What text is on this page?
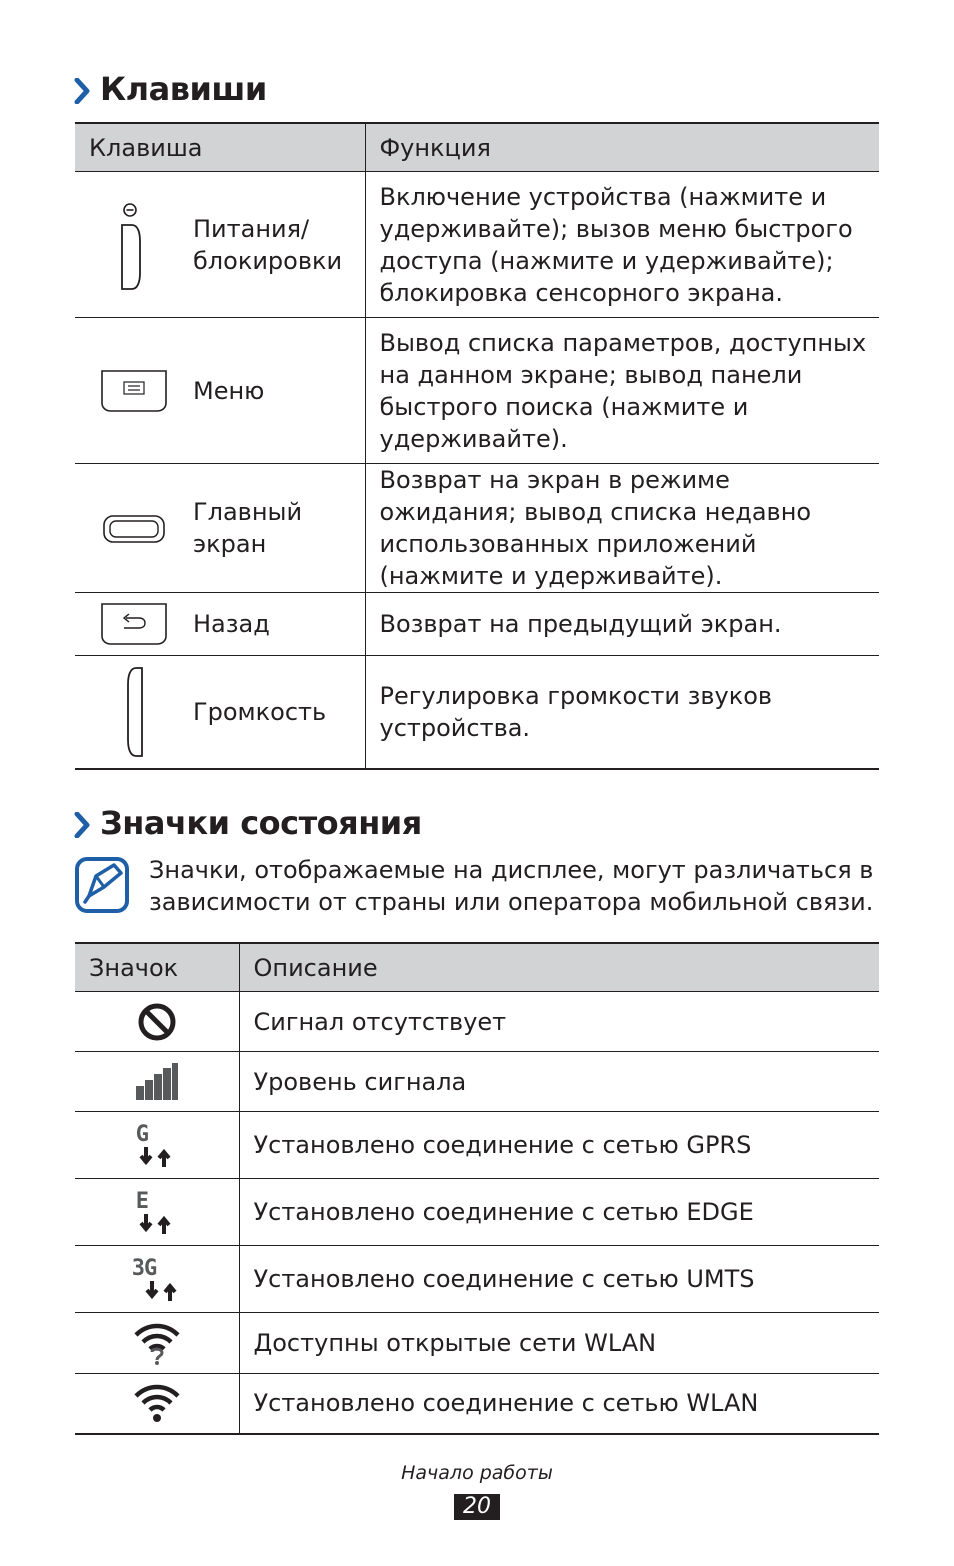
Клавиши
Клавиша		Функция
	Питания/ блокировки	Включение устройства (нажмите и удерживайте); вызов меню быстрого доступа (нажмите и удерживайте); блокировка сенсорного экрана.
	Меню	Вывод списка параметров, доступных на данном экране; вывод панели быстрого поиска (нажмите и удерживайте).
	Главный экран	Возврат на экран в режиме ожидания; вывод списка недавно использованных приложений (нажмите и удерживайте).
	Назад	Возврат на предыдущий экран.
	Громкость	Регулировка громкости звуков устройства.
Значки состояния
Значки, отображаемые на дисплее, могут различаться в зависимости от страны или оператора мобильной связи.
Значок	Описание
	Сигнал отсутствует
	Уровень сигнала

G	Установлено соединение с сетью GPRS

E	Установлено соединение с сетью EDGE

3G	Установлено соединение с сетью UMTS
	Доступны открытые сети WLAN
	Установлено соединение с сетью WLAN
Начало работы
20
